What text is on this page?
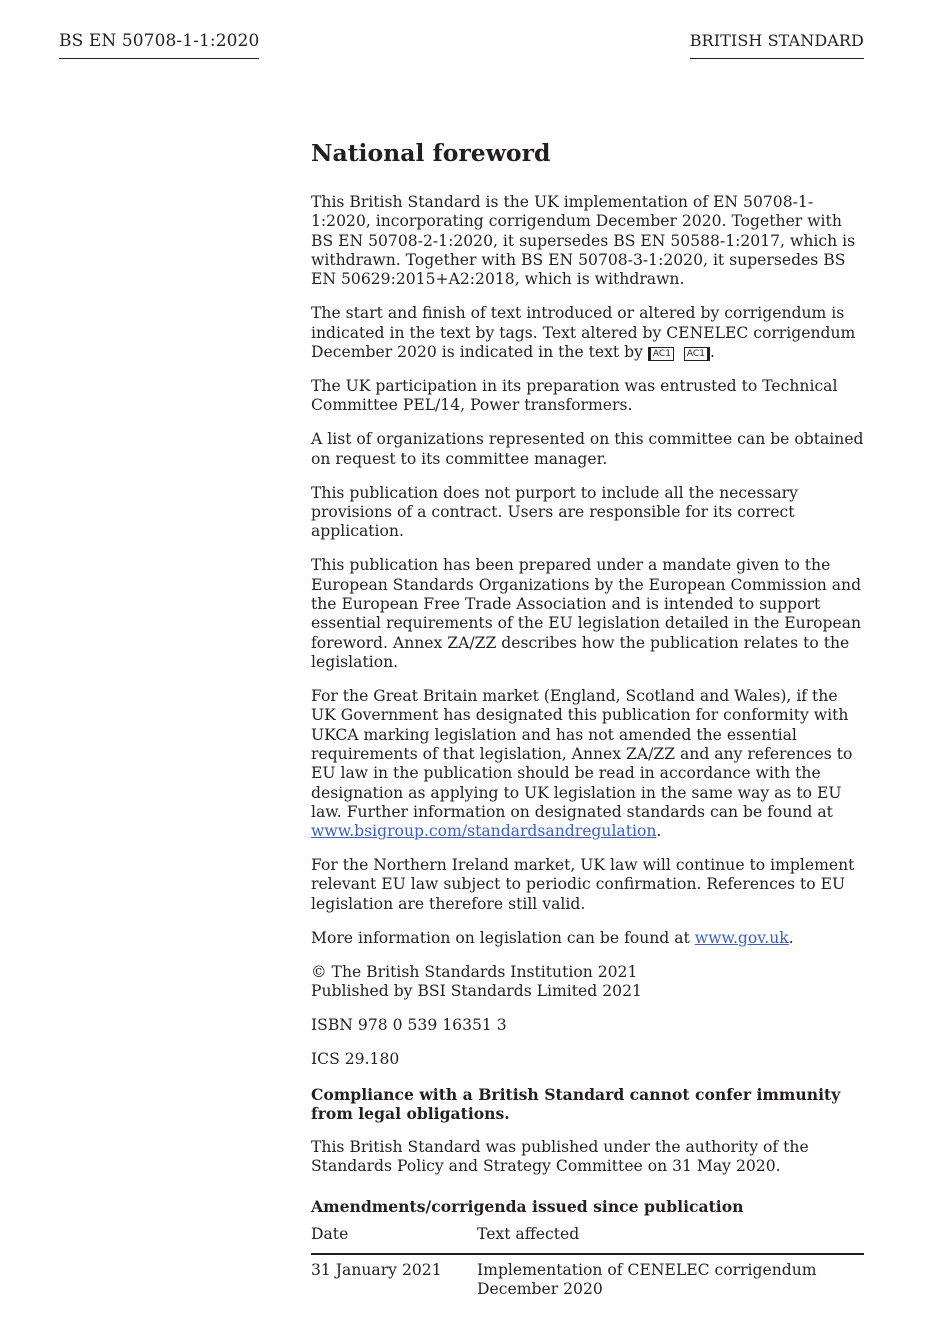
BS EN 50708-1-1:2020	BRITISH STANDARD
National foreword

This British Standard is the UK implementation of EN 50708-1-1:2020, incorporating corrigendum December 2020. Together with BS EN 50708-2-1:2020, it supersedes BS EN 50588-1:2017, which is withdrawn. Together with BS EN 50708-3-1:2020, it supersedes BS EN 50629:2015+A2:2018, which is withdrawn.

The start and finish of text introduced or altered by corrigendum is indicated in the text by tags. Text altered by CENELEC corrigendum December 2020 is indicated in the text by AC1 AC1 .

The UK participation in its preparation was entrusted to Technical Committee PEL/14, Power transformers.

A list of organizations represented on this committee can be obtained on request to its committee manager.

This publication does not purport to include all the necessary provisions of a contract. Users are responsible for its correct application.

This publication has been prepared under a mandate given to the European Standards Organizations by the European Commission and the European Free Trade Association and is intended to support essential requirements of the EU legislation detailed in the European foreword. Annex ZA/ZZ describes how the publication relates to the legislation.

For the Great Britain market (England, Scotland and Wales), if the UK Government has designated this publication for conformity with UKCA marking legislation and has not amended the essential requirements of that legislation, Annex ZA/ZZ and any references to EU law in the publication should be read in accordance with the designation as applying to UK legislation in the same way as to EU law. Further information on designated standards can be found at www.bsigroup.com/standardsandregulation.

For the Northern Ireland market, UK law will continue to implement relevant EU law subject to periodic confirmation. References to EU legislation are therefore still valid.

More information on legislation can be found at www.gov.uk.

© The British Standards Institution 2021
Published by BSI Standards Limited 2021

ISBN 978 0 539 16351 3

ICS 29.180

Compliance with a British Standard cannot confer immunity from legal obligations.

This British Standard was published under the authority of the Standards Policy and Strategy Committee on 31 May 2020.

Amendments/corrigenda issued since publication
Date	Text affected
31 January 2021	Implementation of CENELEC corrigendum December 2020
